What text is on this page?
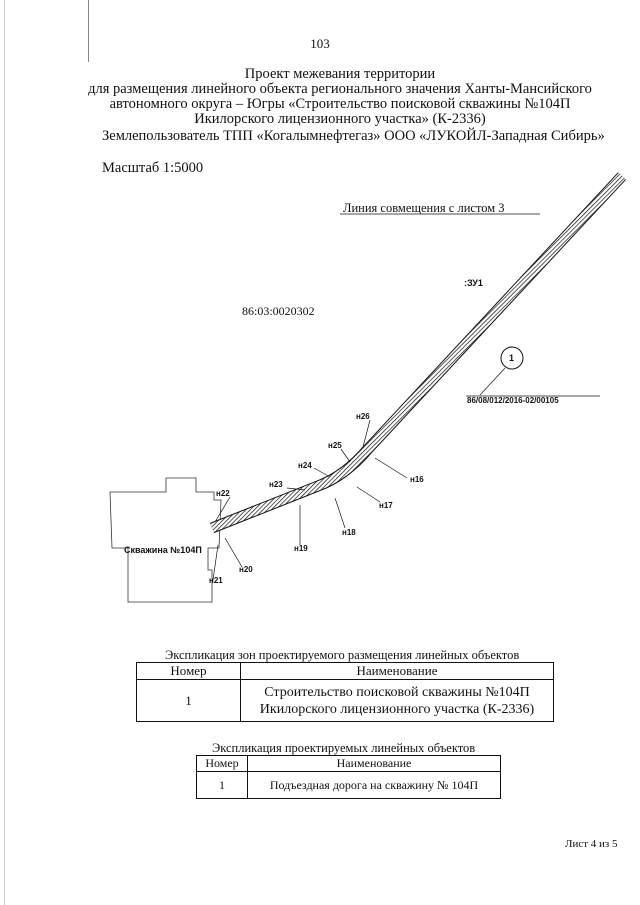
103
Проект межевания территории
для размещения линейного объекта регионального значения Ханты-Мансийского
автономного округа – Югры «Строительство поисковой скважины №104П
Икилорского лицензионного участка» (К-2336)
Землепользователь ТПП «Когалымнефтегаз» ООО «ЛУКОЙЛ-Западная Сибирь»
Масштаб 1:5000
Линия совмещения с листом 3
86:03:0020302
:ЗУ1
1
86/08/012/2016-02/00105
Скважина №104П
н26
н25
н24
н23
н22
н16
н17
н18
н19
н20
н21
Экспликация зон проектируемого размещения линейных объектов
Номер	Наименование
1	Строительство поисковой скважины №104П
Икилорского лицензионного участка (К-2336)
Экспликация проектируемых линейных объектов
Номер	Наименование
1	Подъездная дорога на скважину № 104П
Лист 4 из 5
